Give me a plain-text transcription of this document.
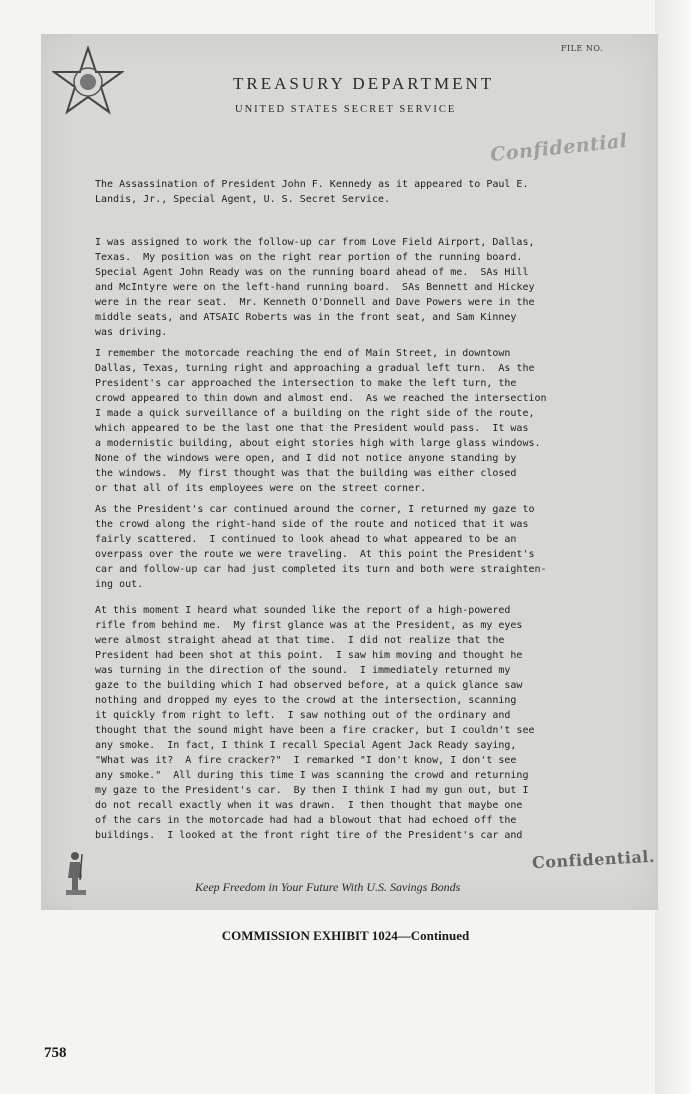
FILE NO.
TREASURY DEPARTMENT
UNITED STATES SECRET SERVICE
Confidential
The Assassination of President John F. Kennedy as it appeared to Paul E.
Landis, Jr., Special Agent, U. S. Secret Service.
I was assigned to work the follow-up car from Love Field Airport, Dallas,
Texas.  My position was on the right rear portion of the running board.
Special Agent John Ready was on the running board ahead of me.  SAs Hill
and McIntyre were on the left-hand running board.  SAs Bennett and Hickey
were in the rear seat.  Mr. Kenneth O'Donnell and Dave Powers were in the
middle seats, and ATSAIC Roberts was in the front seat, and Sam Kinney
was driving.
I remember the motorcade reaching the end of Main Street, in downtown
Dallas, Texas, turning right and approaching a gradual left turn.  As the
President's car approached the intersection to make the left turn, the
crowd appeared to thin down and almost end.  As we reached the intersection
I made a quick surveillance of a building on the right side of the route,
which appeared to be the last one that the President would pass.  It was
a modernistic building, about eight stories high with large glass windows.
None of the windows were open, and I did not notice anyone standing by
the windows.  My first thought was that the building was either closed
or that all of its employees were on the street corner.
As the President's car continued around the corner, I returned my gaze to
the crowd along the right-hand side of the route and noticed that it was
fairly scattered.  I continued to look ahead to what appeared to be an
overpass over the route we were traveling.  At this point the President's
car and follow-up car had just completed its turn and both were straighten-
ing out.
At this moment I heard what sounded like the report of a high-powered
rifle from behind me.  My first glance was at the President, as my eyes
were almost straight ahead at that time.  I did not realize that the
President had been shot at this point.  I saw him moving and thought he
was turning in the direction of the sound.  I immediately returned my
gaze to the building which I had observed before, at a quick glance saw
nothing and dropped my eyes to the crowd at the intersection, scanning
it quickly from right to left.  I saw nothing out of the ordinary and
thought that the sound might have been a fire cracker, but I couldn't see
any smoke.  In fact, I think I recall Special Agent Jack Ready saying,
"What was it?  A fire cracker?"  I remarked "I don't know, I don't see
any smoke."  All during this time I was scanning the crowd and returning
my gaze to the President's car.  By then I think I had my gun out, but I
do not recall exactly when it was drawn.  I then thought that maybe one
of the cars in the motorcade had had a blowout that had echoed off the
buildings.  I looked at the front right tire of the President's car and
Keep Freedom in Your Future With U.S. Savings Bonds
Confidential.
COMMISSION EXHIBIT 1024—Continued
758
